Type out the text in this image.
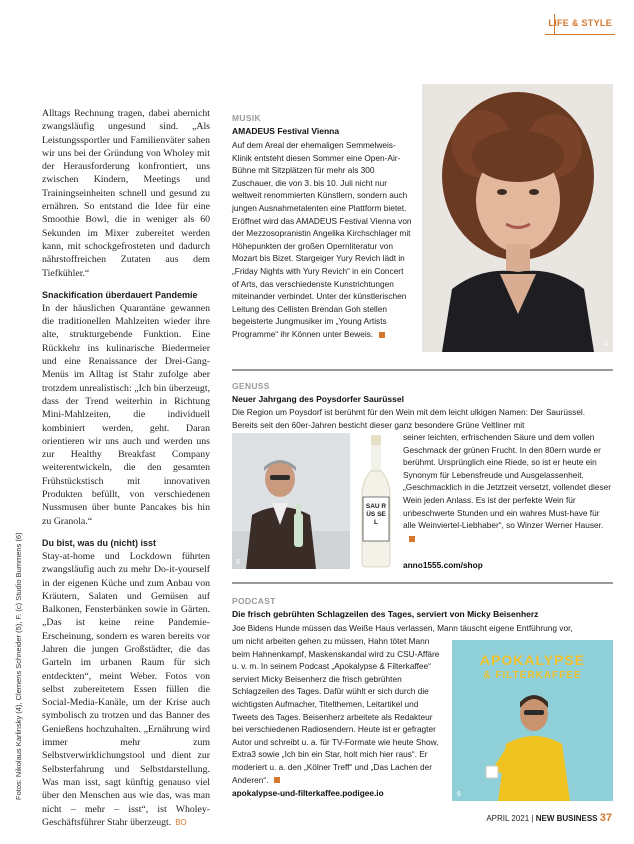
LIFE & STYLE
Fotos: Nikolaus Karlinsky (4), Clemens Schneider (5), F. (c) Studio Bummens (6)

Alltags Rechnung tragen, dabei abernicht zwangsläufig ungesund sind. „Als Leistungssportler und Familienväter sahen wir uns bei der Gründung von Wholey mit der Herausforderung konfrontiert, uns zwischen Kindern, Meetings und Trainingseinheiten schnell und gesund zu ernähren. So entstand die Idee für eine Smoothie Bowl, die in weniger als 60 Sekunden im Mixer zubereitet werden kann, mit schockgefrosteten und dadurch nährstoffreichen Zutaten aus dem Tiefkühler.“

Snackification überdauert Pandemie

In der häuslichen Quarantäne gewannen die traditionellen Mahlzeiten wieder ihre alte, strukturgebende Funktion. Eine Rückkehr ins kulinarische Biedermeier und eine Renaissance der Drei-Gang-Menüs im Alltag ist Stahr zufolge aber trotzdem unrealistisch: „Ich bin überzeugt, dass der Trend weiterhin in Richtung Mini-Mahlzeiten, die individuell kombiniert werden, geht. Daran orientieren wir uns auch und werden uns zur Healthy Breakfast Company weiterentwickeln, die den gesamten Frühstückstisch mit innovativen Produkten befüllt, von verschiedenen Nussmusen über bunte Pancakes bis hin zu Granola.“

Du bist, was du (nicht) isst

Stay-at-home und Lockdown führten zwangsläufig auch zu mehr Do-it-yourself in der eigenen Küche und zum Anbau von Kräutern, Salaten und Gemüsen auf Balkonen, Fensterbänken sowie in Gärten. „Das ist keine reine Pandemie-Erscheinung, sondern es waren bereits vor Jahren die jungen Großstädter, die das Garteln im urbanen Raum für sich entdeckten“, meint Weber. Fotos von selbst zubereitetem Essen füllen die Social-Media-Kanäle, um der Krise auch symbolisch zu trotzen und das Banner des Genießens hochzuhalten. „Ernährung wird immer mehr zum Selbstverwirklichungstool und dient zur Selbsterfahrung und Selbstdarstellung. Was man isst, sagt künftig genauso viel über den Menschen aus wie das, was man nicht – mehr – isst“, ist Wholey-Geschäftsführer Stahr überzeugt. BO

MUSIK
AMADEUS Festival Vienna
Auf dem Areal der ehemaligen Semmelweis-Klinik entsteht diesen Sommer eine Open-Air-Bühne mit Sitzplätzen für mehr als 300 Zuschauer, die von 3. bis 10. Juli nicht nur weltweit renommierten Künstlern, sondern auch jungen Ausnahmetalenten eine Plattform bietet. Eröffnet wird das AMADEUS Festival Vienna von der Mezzosopranistin Angelika Kirchschlager mit Höhepunkten der großen Opernliteratur von Mozart bis Bizet. Stargeiger Yury Revich lädt in „Friday Nights with Yury Revich“ in ein Concert of Arts, das verschiedenste Kunstrichtungen miteinander verbindet. Unter der künstlerischen Leitung des Cellisten Brendan Goh stellen begeisterte Jungmusiker im „Young Artists Programme“ ihr Können unter Beweis.
4
GENUSS
Neuer Jahrgang des Poysdorfer Saurüssel
Die Region um Poysdorf ist berühmt für den Wein mit dem leicht ulkigen Namen: Der Saurüssel. Bereits seit den 60er-Jahren besticht dieser ganz besondere Grüne Veltliner mit
5
SAU RÜS SEL
seiner leichten, erfrischenden Säure und dem vollen Geschmack der grünen Frucht. In den 80ern wurde er berühmt. Ursprünglich eine Riede, so ist er heute ein Synonym für Lebensfreude und Ausgelassenheit. „Geschmacklich in die Jetztzeit versetzt, vollendet dieser Wein jeden Anlass. Es ist der perfekte Wein für unbeschwerte Stunden und ein wahres Must-have für alle Weinviertel-Liebhaber“, so Winzer Werner Hauser.
anno1555.com/shop
PODCAST
Die frisch gebrühten Schlagzeilen des Tages, serviert von Micky Beisenherz
Joe Bidens Hunde müssen das Weiße Haus verlassen, Mann täuscht eigene Entführung vor,
um nicht arbeiten gehen zu müssen, Hahn tötet Mann beim Hahnenkampf, Maskenskandal wird zu CSU-Affäre u. v. m. In seinem Podcast „Apokalypse & Filterkaffee“ serviert Micky Beisenherz die frisch gebrühten Schlagzeilen des Tages. Dafür wühlt er sich durch die wichtigsten Aufmacher, Titelthemen, Leitartikel und Tweets des Tages. Beisenherz arbeitete als Redakteur bei verschiedenen Radiosendern. Heute ist er gefragter Autor und schreibt u. a. für TV-Formate wie heute Show, Extra3 sowie „Ich bin ein Star, holt mich hier raus“. Er moderiert u. a. den „Kölner Treff“ und „Das Lachen der Anderen“.
apokalypse-und-filterkaffee.podigee.io
APOKALYPSE
& FILTERKAFFEE
6
APRIL 2021 | NEW BUSINESS 37
